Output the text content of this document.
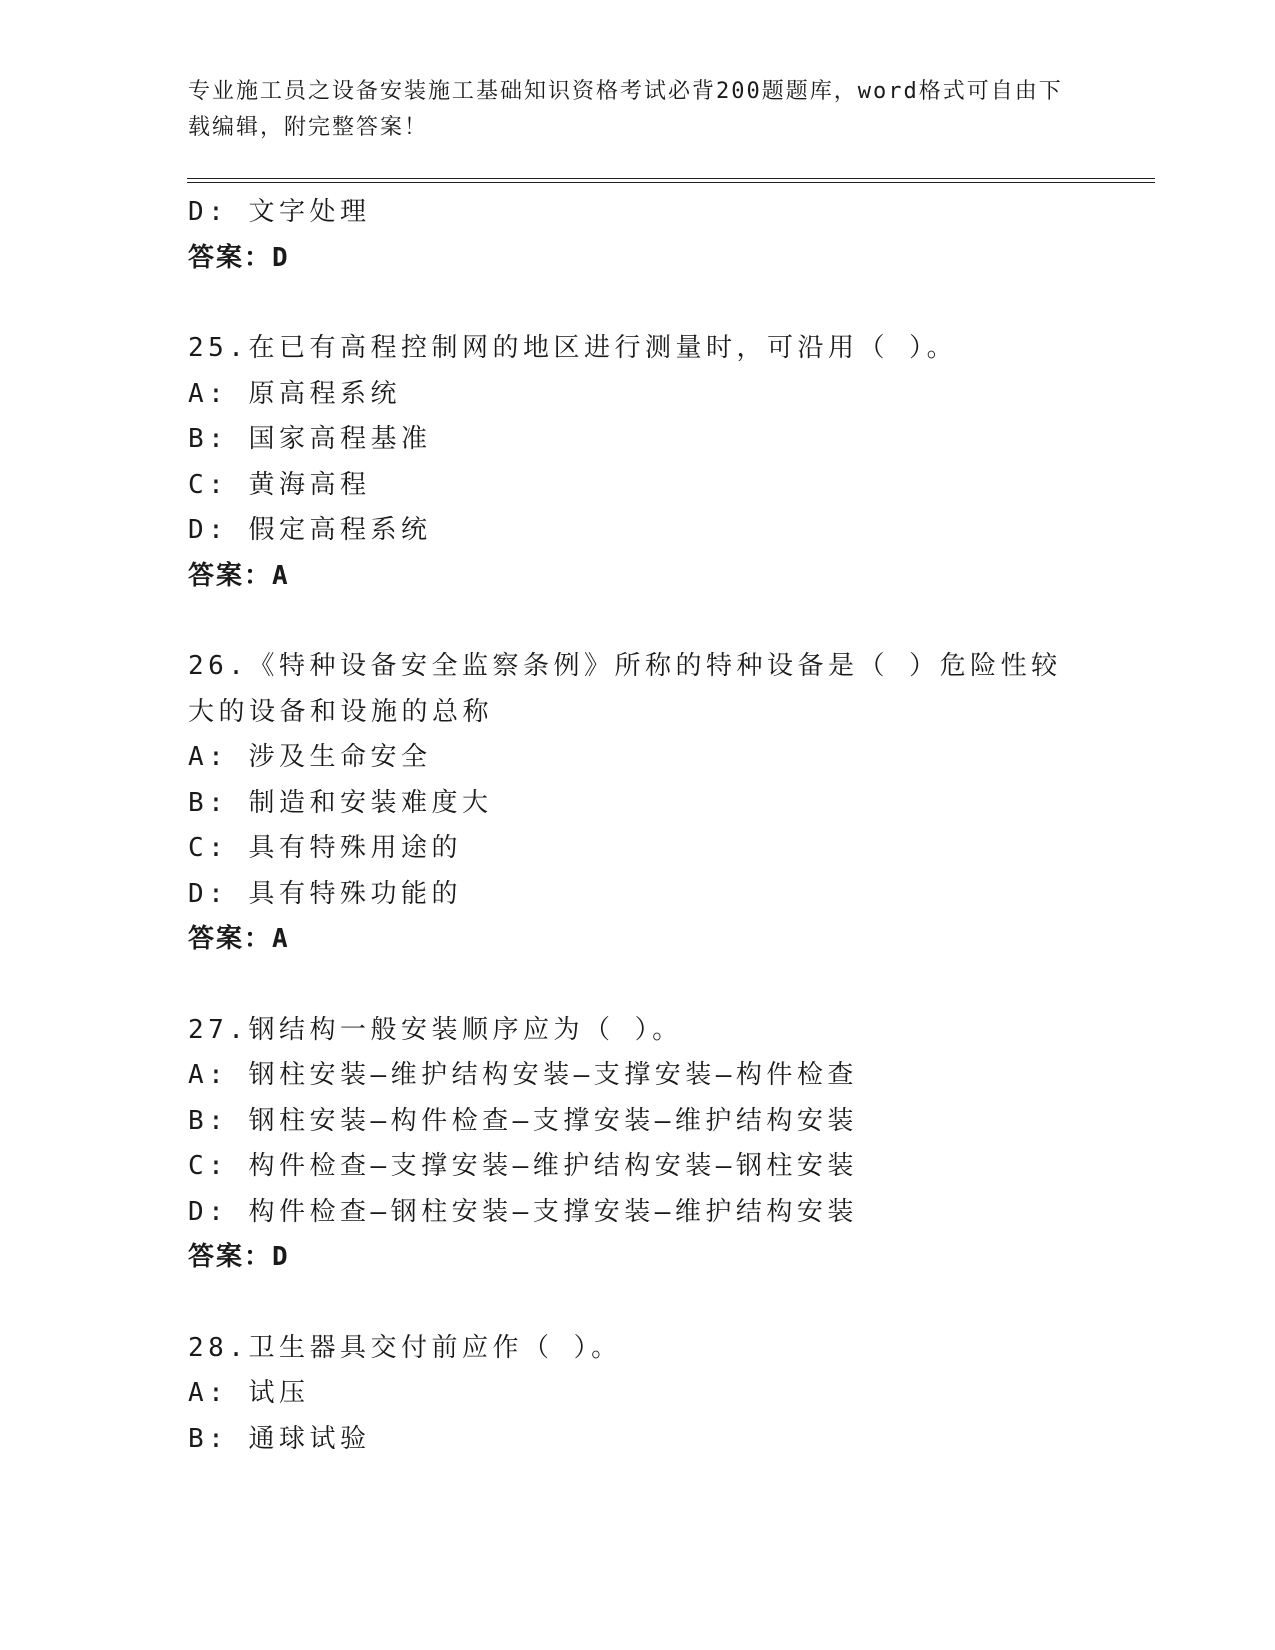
专业施工员之设备安装施工基础知识资格考试必背200题题库，word格式可自由下载编辑，附完整答案！
D: 文字处理
答案：D
25.在已有高程控制网的地区进行测量时，可沿用（ ）。
A: 原高程系统
B: 国家高程基准
C: 黄海高程
D: 假定高程系统
答案：A
26.《特种设备安全监察条例》所称的特种设备是（ ）危险性较大的设备和设施的总称
A: 涉及生命安全
B: 制造和安装难度大
C: 具有特殊用途的
D: 具有特殊功能的
答案：A
27.钢结构一般安装顺序应为（ ）。
A: 钢柱安装—维护结构安装—支撑安装—构件检查
B: 钢柱安装—构件检查—支撑安装—维护结构安装
C: 构件检查—支撑安装—维护结构安装—钢柱安装
D: 构件检查—钢柱安装—支撑安装—维护结构安装
答案：D
28.卫生器具交付前应作（ ）。
A: 试压
B: 通球试验
